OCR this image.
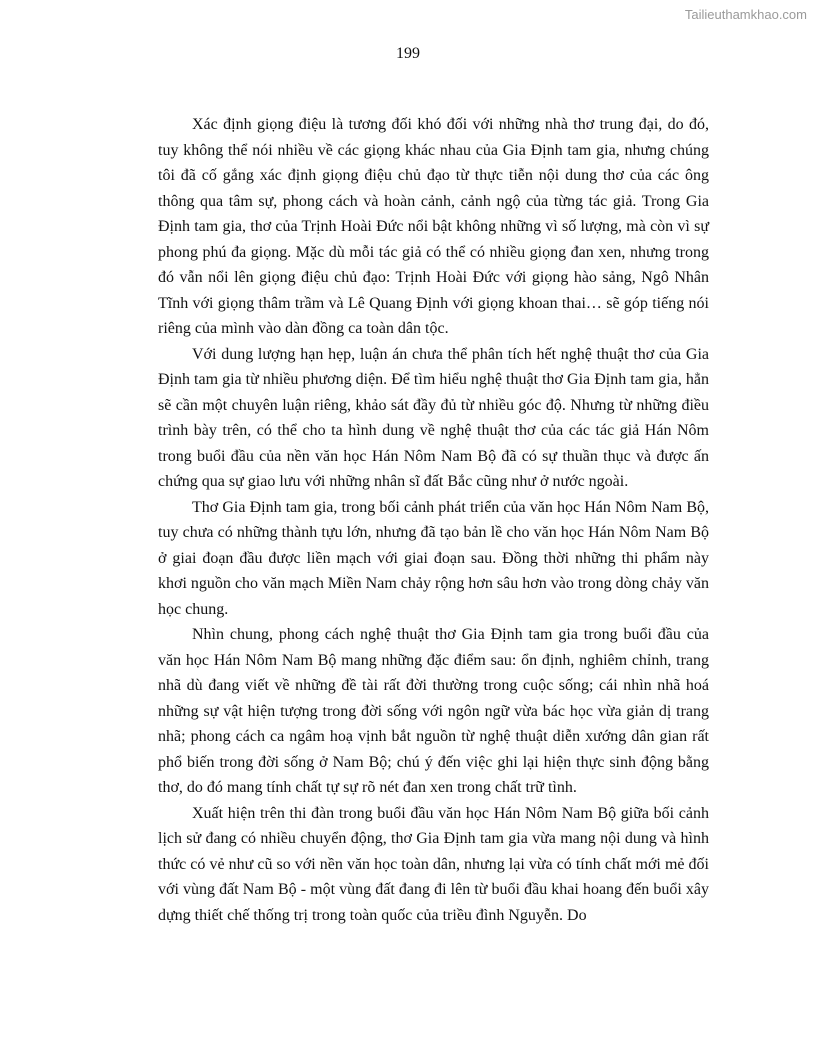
Tailieuthamkhao.com
199

Xác định giọng điệu là tương đối khó đối với những nhà thơ trung đại, do đó, tuy không thể nói nhiều về các giọng khác nhau của Gia Định tam gia, nhưng chúng tôi đã cố gắng xác định giọng điệu chủ đạo từ thực tiễn nội dung thơ của các ông thông qua tâm sự, phong cách và hoàn cảnh, cảnh ngộ của từng tác giả. Trong Gia Định tam gia, thơ của Trịnh Hoài Đức nổi bật không những vì số lượng, mà còn vì sự phong phú đa giọng. Mặc dù mỗi tác giả có thể có nhiều giọng đan xen, nhưng trong đó vẫn nổi lên giọng điệu chủ đạo: Trịnh Hoài Đức với giọng hào sảng, Ngô Nhân Tĩnh với giọng thâm trầm và Lê Quang Định với giọng khoan thai… sẽ góp tiếng nói riêng của mình vào dàn đồng ca toàn dân tộc.

Với dung lượng hạn hẹp, luận án chưa thể phân tích hết nghệ thuật thơ của Gia Định tam gia từ nhiều phương diện. Để tìm hiểu nghệ thuật thơ Gia Định tam gia, hẳn sẽ cần một chuyên luận riêng, khảo sát đầy đủ từ nhiều góc độ. Nhưng từ những điều trình bày trên, có thể cho ta hình dung về nghệ thuật thơ của các tác giả Hán Nôm trong buổi đầu của nền văn học Hán Nôm Nam Bộ đã có sự thuần thục và được ấn chứng qua sự giao lưu với những nhân sĩ đất Bắc cũng như ở nước ngoài.

Thơ Gia Định tam gia, trong bối cảnh phát triển của văn học Hán Nôm Nam Bộ, tuy chưa có những thành tựu lớn, nhưng đã tạo bản lề cho văn học Hán Nôm Nam Bộ ở giai đoạn đầu được liền mạch với giai đoạn sau. Đồng thời những thi phẩm này khơi nguồn cho văn mạch Miền Nam chảy rộng hơn sâu hơn vào trong dòng chảy văn học chung.

Nhìn chung, phong cách nghệ thuật thơ Gia Định tam gia trong buổi đầu của văn học Hán Nôm Nam Bộ mang những đặc điểm sau: ổn định, nghiêm chỉnh, trang nhã dù đang viết về những đề tài rất đời thường trong cuộc sống; cái nhìn nhã hoá những sự vật hiện tượng trong đời sống với ngôn ngữ vừa bác học vừa giản dị trang nhã; phong cách ca ngâm hoạ vịnh bắt nguồn từ nghệ thuật diễn xướng dân gian rất phổ biến trong đời sống ở Nam Bộ; chú ý đến việc ghi lại hiện thực sinh động bằng thơ, do đó mang tính chất tự sự rõ nét đan xen trong chất trữ tình.

Xuất hiện trên thi đàn trong buổi đầu văn học Hán Nôm Nam Bộ giữa bối cảnh lịch sử đang có nhiều chuyển động, thơ Gia Định tam gia vừa mang nội dung và hình thức có vẻ như cũ so với nền văn học toàn dân, nhưng lại vừa có tính chất mới mẻ đối với vùng đất Nam Bộ - một vùng đất đang đi lên từ buổi đầu khai hoang đến buổi xây dựng thiết chế thống trị trong toàn quốc của triều đình Nguyễn. Do
